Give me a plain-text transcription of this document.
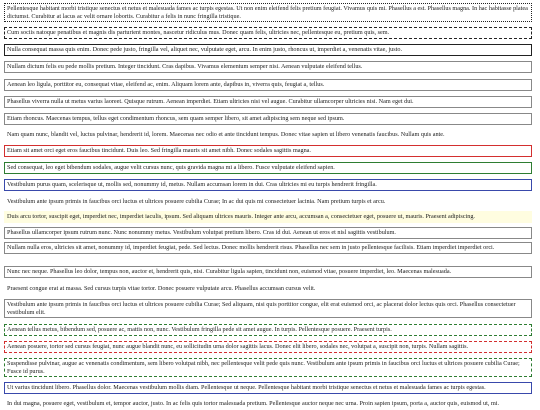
Pellentesque habitant morbi tristique senectus et netus et malesuada fames ac turpis egestas. Ut non enim eleifend felis pretium feugiat. Vivamus quis mi. Phasellus a est. Phasellus magna. In hac habitasse platea dictumst. Curabitur at lacus ac velit ornare lobortis. Curabitur a felis in nunc fringilla tristique.
Cum sociis natoque penatibus et magnis dis parturient montes, nascetur ridiculus mus. Donec quam felis, ultricies nec, pellentesque eu, pretium quis, sem.
Nulla consequat massa quis enim. Donec pede justo, fringilla vel, aliquet nec, vulputate eget, arcu. In enim justo, rhoncus ut, imperdiet a, venenatis vitae, justo.
Nullam dictum felis eu pede mollis pretium. Integer tincidunt. Cras dapibus. Vivamus elementum semper nisi. Aenean vulputate eleifend tellus.
Aenean leo ligula, porttitor eu, consequat vitae, eleifend ac, enim. Aliquam lorem ante, dapibus in, viverra quis, feugiat a, tellus.
Phasellus viverra nulla ut metus varius laoreet. Quisque rutrum. Aenean imperdiet. Etiam ultricies nisi vel augue. Curabitur ullamcorper ultricies nisi. Nam eget dui.
Etiam rhoncus. Maecenas tempus, tellus eget condimentum rhoncus, sem quam semper libero, sit amet adipiscing sem neque sed ipsum.
Nam quam nunc, blandit vel, luctus pulvinar, hendrerit id, lorem. Maecenas nec odio et ante tincidunt tempus. Donec vitae sapien ut libero venenatis faucibus. Nullam quis ante.
Etiam sit amet orci eget eros faucibus tincidunt. Duis leo. Sed fringilla mauris sit amet nibh. Donec sodales sagittis magna.
Sed consequat, leo eget bibendum sodales, augue velit cursus nunc, quis gravida magna mi a libero. Fusce vulputate eleifend sapien.
Vestibulum purus quam, scelerisque ut, mollis sed, nonummy id, metus. Nullam accumsan lorem in dui. Cras ultricies mi eu turpis hendrerit fringilla.
Vestibulum ante ipsum primis in faucibus orci luctus et ultrices posuere cubilia Curae; In ac dui quis mi consectetuer lacinia. Nam pretium turpis et arcu.
Duis arcu tortor, suscipit eget, imperdiet nec, imperdiet iaculis, ipsum. Sed aliquam ultrices mauris. Integer ante arcu, accumsan a, consectetuer eget, posuere ut, mauris. Praesent adipiscing.
Phasellus ullamcorper ipsum rutrum nunc. Nunc nonummy metus. Vestibulum volutpat pretium libero. Cras id dui. Aenean ut eros et nisl sagittis vestibulum.
Nullam nulla eros, ultricies sit amet, nonummy id, imperdiet feugiat, pede. Sed lectus. Donec mollis hendrerit risus. Phasellus nec sem in justo pellentesque facilisis. Etiam imperdiet imperdiet orci.
Nunc nec neque. Phasellus leo dolor, tempus non, auctor et, hendrerit quis, nisi. Curabitur ligula sapien, tincidunt non, euismod vitae, posuere imperdiet, leo. Maecenas malesuada.
Praesent congue erat at massa. Sed cursus turpis vitae tortor. Donec posuere vulputate arcu. Phasellus accumsan cursus velit.
Vestibulum ante ipsum primis in faucibus orci luctus et ultrices posuere cubilia Curae; Sed aliquam, nisi quis porttitor congue, elit erat euismod orci, ac placerat dolor lectus quis orci. Phasellus consectetuer vestibulum elit.
Aenean tellus metus, bibendum sed, posuere ac, mattis non, nunc. Vestibulum fringilla pede sit amet augue. In turpis. Pellentesque posuere. Praesent turpis.
Aenean posuere, tortor sed cursus feugiat, nunc augue blandit nunc, eu sollicitudin urna dolor sagittis lacus. Donec elit libero, sodales nec, volutpat a, suscipit non, turpis. Nullam sagittis.
Suspendisse pulvinar, augue ac venenatis condimentum, sem libero volutpat nibh, nec pellentesque velit pede quis nunc. Vestibulum ante ipsum primis in faucibus orci luctus et ultrices posuere cubilia Curae; Fusce id purus.
Ut varius tincidunt libero. Phasellus dolor. Maecenas vestibulum mollis diam. Pellentesque ut neque. Pellentesque habitant morbi tristique senectus et netus et malesuada fames ac turpis egestas.
In dui magna, posuere eget, vestibulum et, tempor auctor, justo. In ac felis quis tortor malesuada pretium. Pellentesque auctor neque nec urna. Proin sapien ipsum, porta a, auctor quis, euismod ut, mi.
